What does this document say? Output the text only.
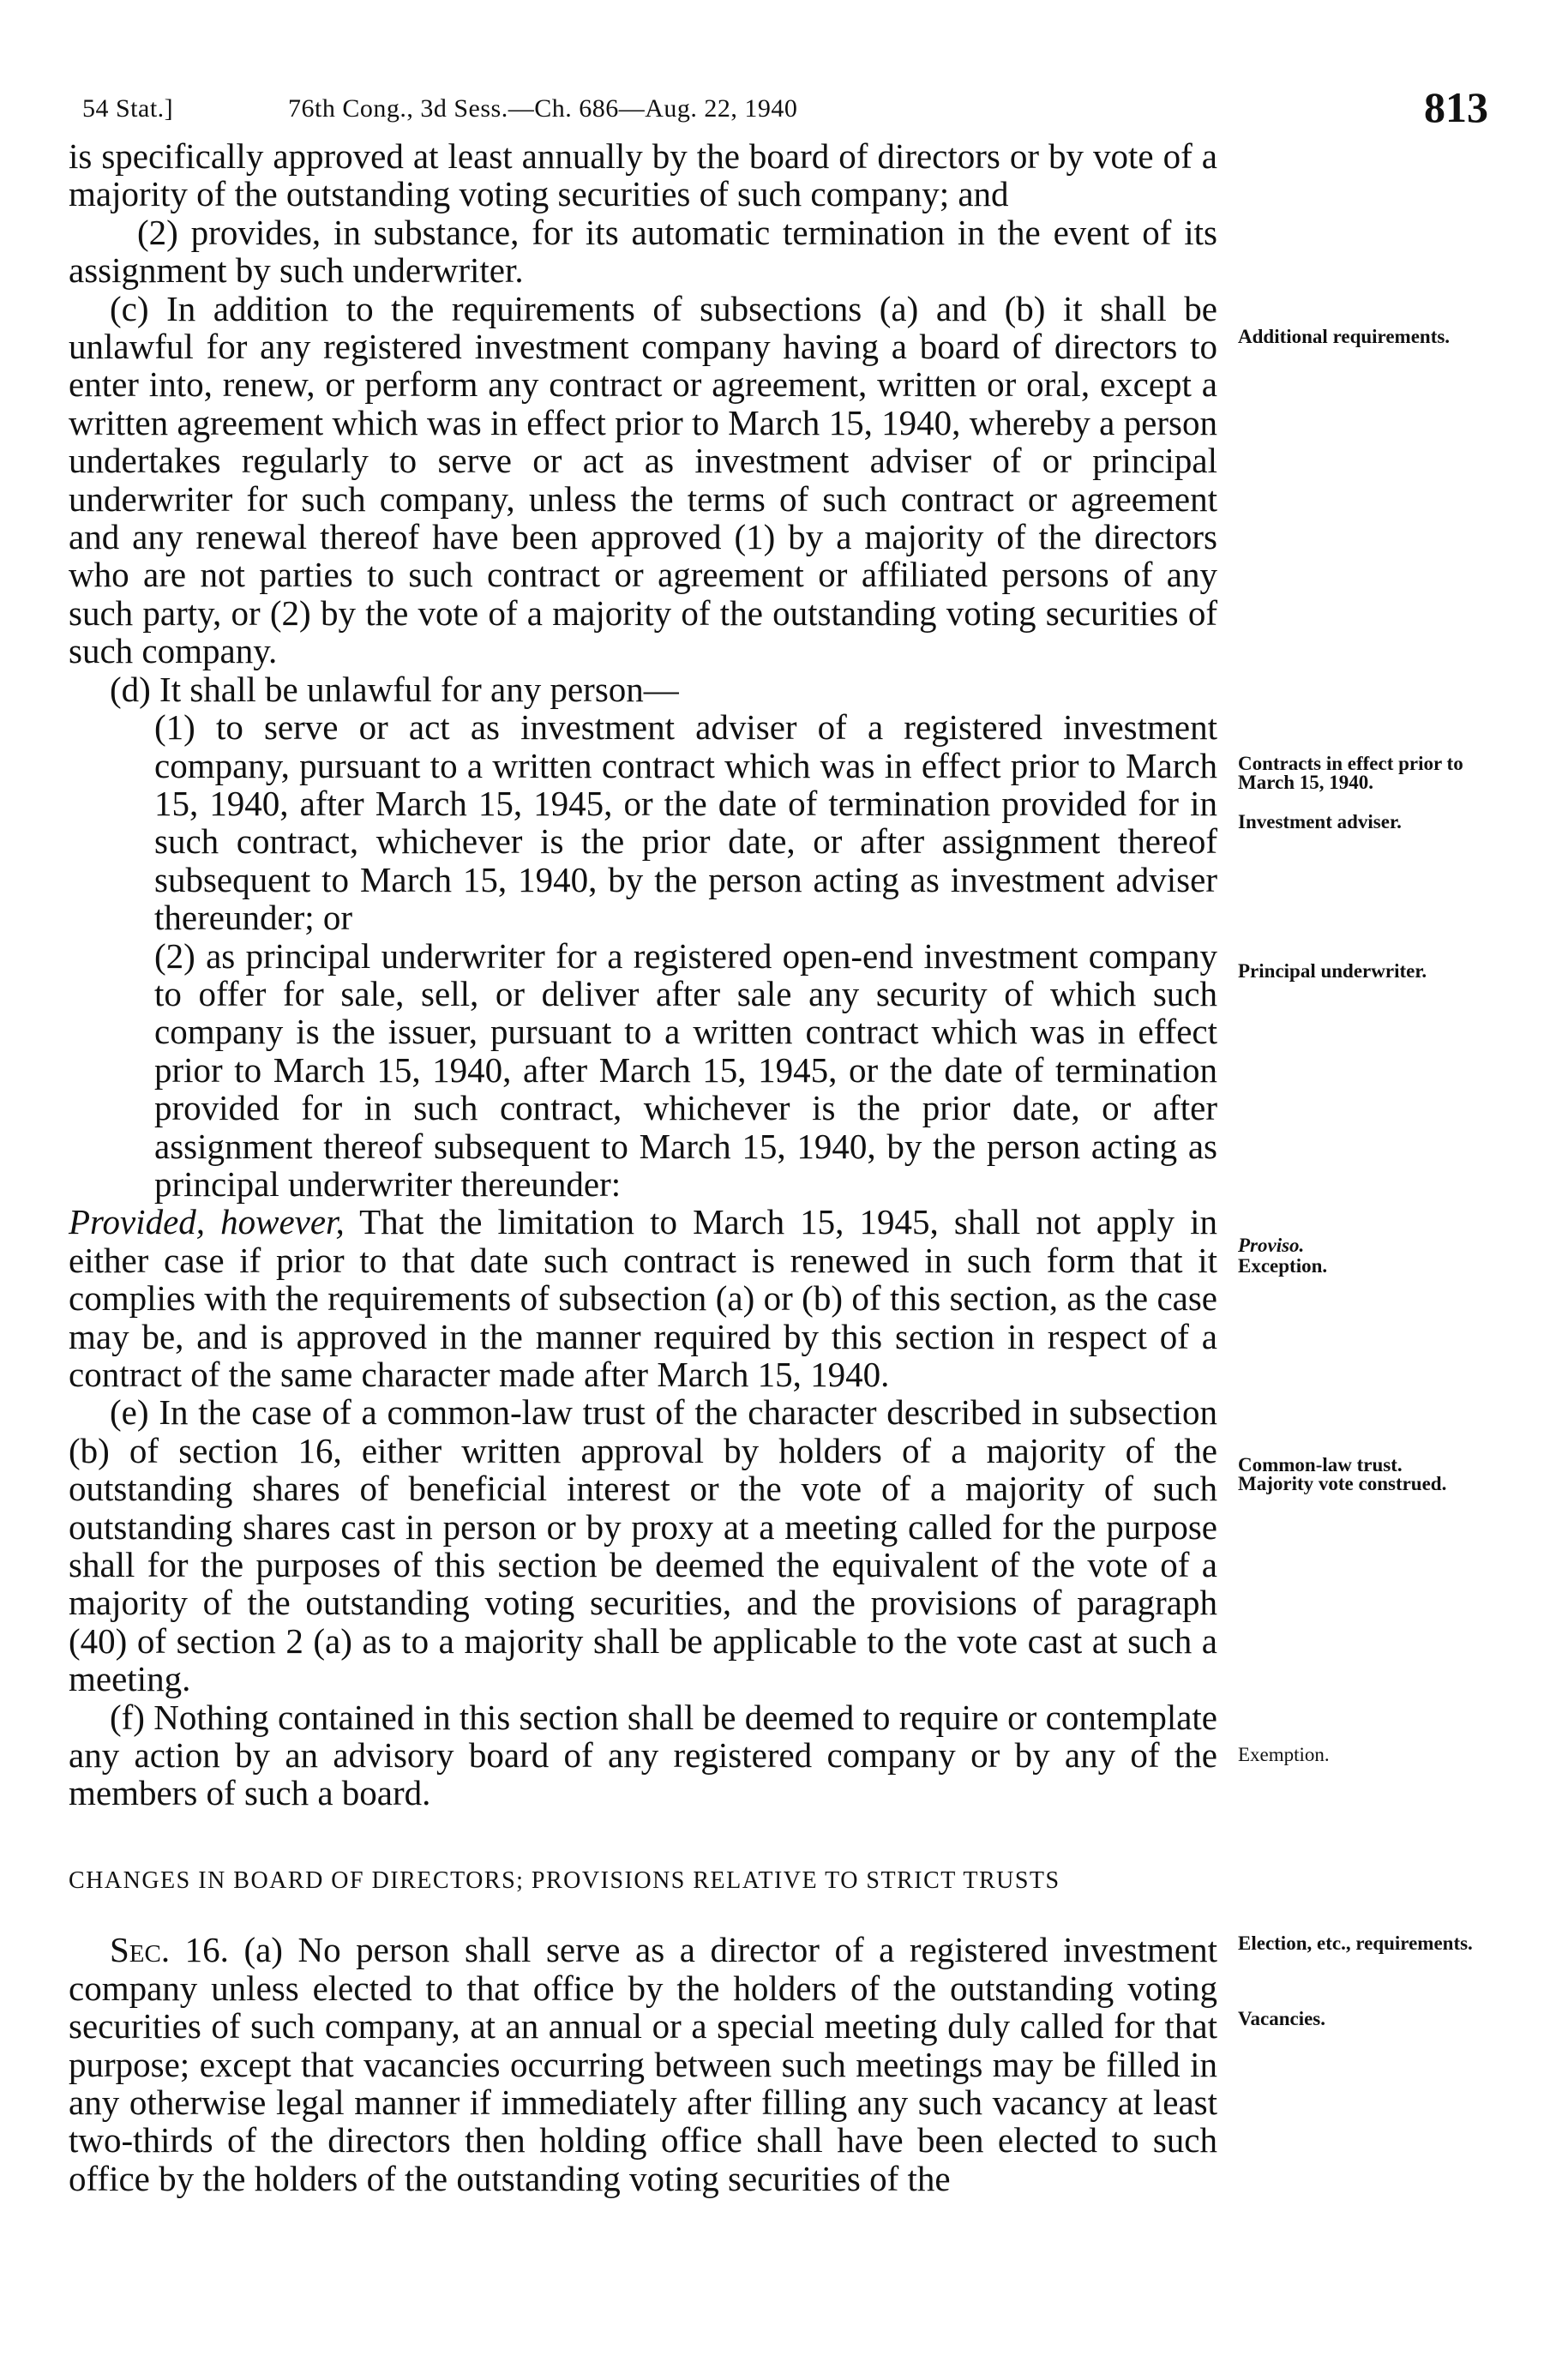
54 Stat.]	76th Cong., 3d Sess.—Ch. 686—Aug. 22, 1940	813

is specifically approved at least annually by the board of directors or by vote of a majority of the outstanding voting securities of such company; and

(2) provides, in substance, for its automatic termination in the event of its assignment by such underwriter.

(c) In addition to the requirements of subsections (a) and (b) it shall be unlawful for any registered investment company having a board of directors to enter into, renew, or perform any contract or agreement, written or oral, except a written agreement which was in effect prior to March 15, 1940, whereby a person undertakes regularly to serve or act as investment adviser of or principal underwriter for such company, unless the terms of such contract or agreement and any renewal thereof have been approved (1) by a majority of the directors who are not parties to such contract or agreement or affiliated persons of any such party, or (2) by the vote of a majority of the outstanding voting securities of such company.

(d) It shall be unlawful for any person—

(1) to serve or act as investment adviser of a registered investment company, pursuant to a written contract which was in effect prior to March 15, 1940, after March 15, 1945, or the date of termination provided for in such contract, whichever is the prior date, or after assignment thereof subsequent to March 15, 1940, by the person acting as investment adviser thereunder; or

(2) as principal underwriter for a registered open-end investment company to offer for sale, sell, or deliver after sale any security of which such company is the issuer, pursuant to a written contract which was in effect prior to March 15, 1940, after March 15, 1945, or the date of termination provided for in such contract, whichever is the prior date, or after assignment thereof subsequent to March 15, 1940, by the person acting as principal underwriter thereunder:

Provided, however, That the limitation to March 15, 1945, shall not apply in either case if prior to that date such contract is renewed in such form that it complies with the requirements of subsection (a) or (b) of this section, as the case may be, and is approved in the manner required by this section in respect of a contract of the same character made after March 15, 1940.

(e) In the case of a common-law trust of the character described in subsection (b) of section 16, either written approval by holders of a majority of the outstanding shares of beneficial interest or the vote of a majority of such outstanding shares cast in person or by proxy at a meeting called for the purpose shall for the purposes of this section be deemed the equivalent of the vote of a majority of the outstanding voting securities, and the provisions of paragraph (40) of section 2 (a) as to a majority shall be applicable to the vote cast at such a meeting.

(f) Nothing contained in this section shall be deemed to require or contemplate any action by an advisory board of any registered company or by any of the members of such a board.

CHANGES IN BOARD OF DIRECTORS; PROVISIONS RELATIVE TO STRICT TRUSTS

Sec. 16. (a) No person shall serve as a director of a registered investment company unless elected to that office by the holders of the outstanding voting securities of such company, at an annual or a special meeting duly called for that purpose; except that vacancies occurring between such meetings may be filled in any otherwise legal manner if immediately after filling any such vacancy at least two-thirds of the directors then holding office shall have been elected to such office by the holders of the outstanding voting securities of the

Additional requirements.
Contracts in effect prior to March 15, 1940.
Investment adviser.
Principal underwriter.
Proviso.
Exception.
Common-law trust.
Majority vote construed.
Exemption.
Election, etc., requirements.
Vacancies.
